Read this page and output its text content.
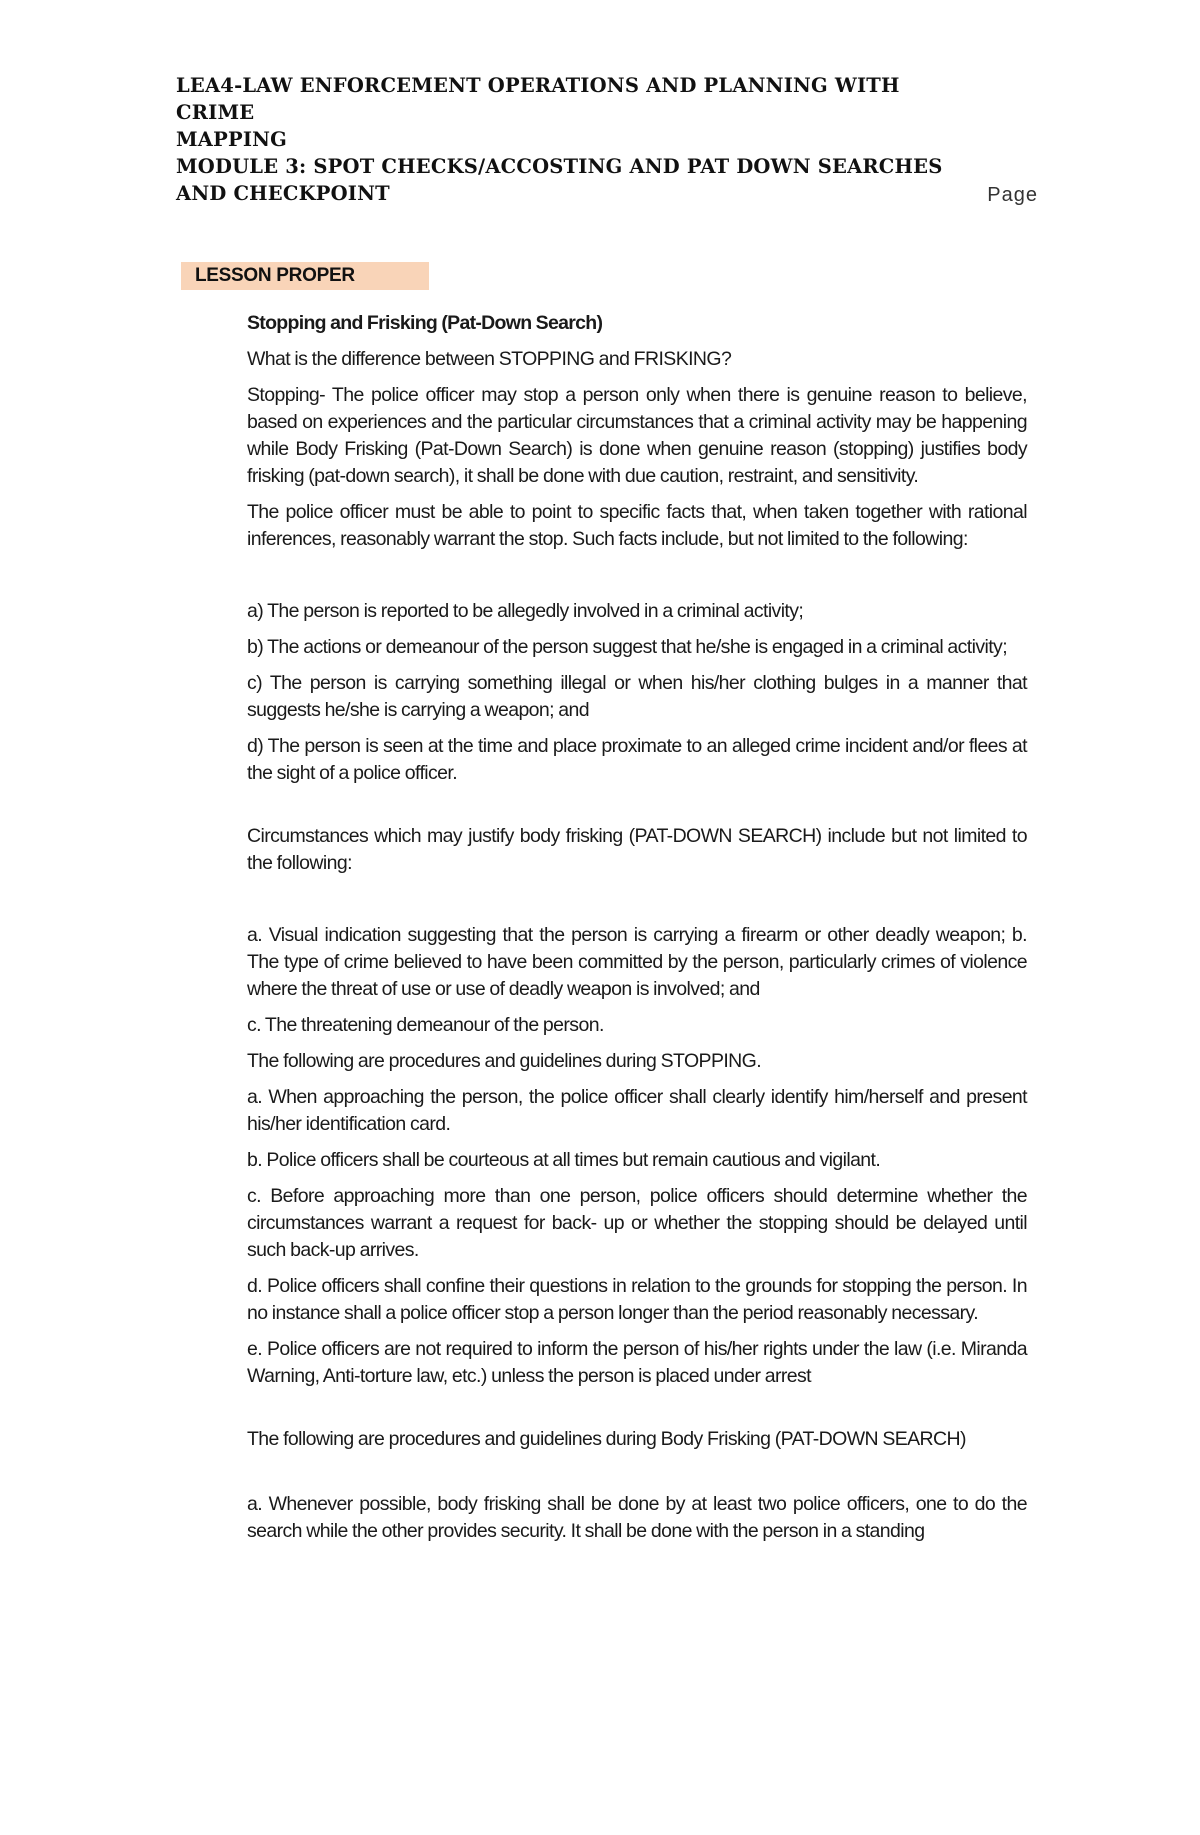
LEA4-LAW ENFORCEMENT OPERATIONS AND PLANNING WITH CRIME
MAPPING
MODULE 3: SPOT CHECKS/ACCOSTING AND PAT DOWN SEARCHES
AND CHECKPOINT	Page
LESSON PROPER

Stopping and Frisking (Pat-Down Search)

What is the difference between STOPPING and FRISKING?

Stopping- The police officer may stop a person only when there is genuine reason to believe, based on experiences and the particular circumstances that a criminal activity may be happening while Body Frisking (Pat-Down Search) is done when genuine reason (stopping) justifies body frisking (pat-down search), it shall be done with due caution, restraint, and sensitivity.

The police officer must be able to point to specific facts that, when taken together with rational inferences, reasonably warrant the stop. Such facts include, but not limited to the following:

a) The person is reported to be allegedly involved in a criminal activity;

b) The actions or demeanour of the person suggest that he/she is engaged in a criminal activity;

c) The person is carrying something illegal or when his/her clothing bulges in a manner that suggests he/she is carrying a weapon; and

d) The person is seen at the time and place proximate to an alleged crime incident and/or flees at the sight of a police officer.

Circumstances which may justify body frisking (PAT-DOWN SEARCH) include but not limited to the following:

a. Visual indication suggesting that the person is carrying a firearm or other deadly weapon; b. The type of crime believed to have been committed by the person, particularly crimes of violence where the threat of use or use of deadly weapon is involved; and

c. The threatening demeanour of the person.

The following are procedures and guidelines during STOPPING.

a. When approaching the person, the police officer shall clearly identify him/herself and present his/her identification card.

b. Police officers shall be courteous at all times but remain cautious and vigilant.

c. Before approaching more than one person, police officers should determine whether the circumstances warrant a request for back- up or whether the stopping should be delayed until such back-up arrives.

d. Police officers shall confine their questions in relation to the grounds for stopping the person. In no instance shall a police officer stop a person longer than the period reasonably necessary.

e. Police officers are not required to inform the person of his/her rights under the law (i.e. Miranda Warning, Anti-torture law, etc.) unless the person is placed under arrest

The following are procedures and guidelines during Body Frisking (PAT-DOWN SEARCH)

a. Whenever possible, body frisking shall be done by at least two police officers, one to do the search while the other provides security. It shall be done with the person in a standing
